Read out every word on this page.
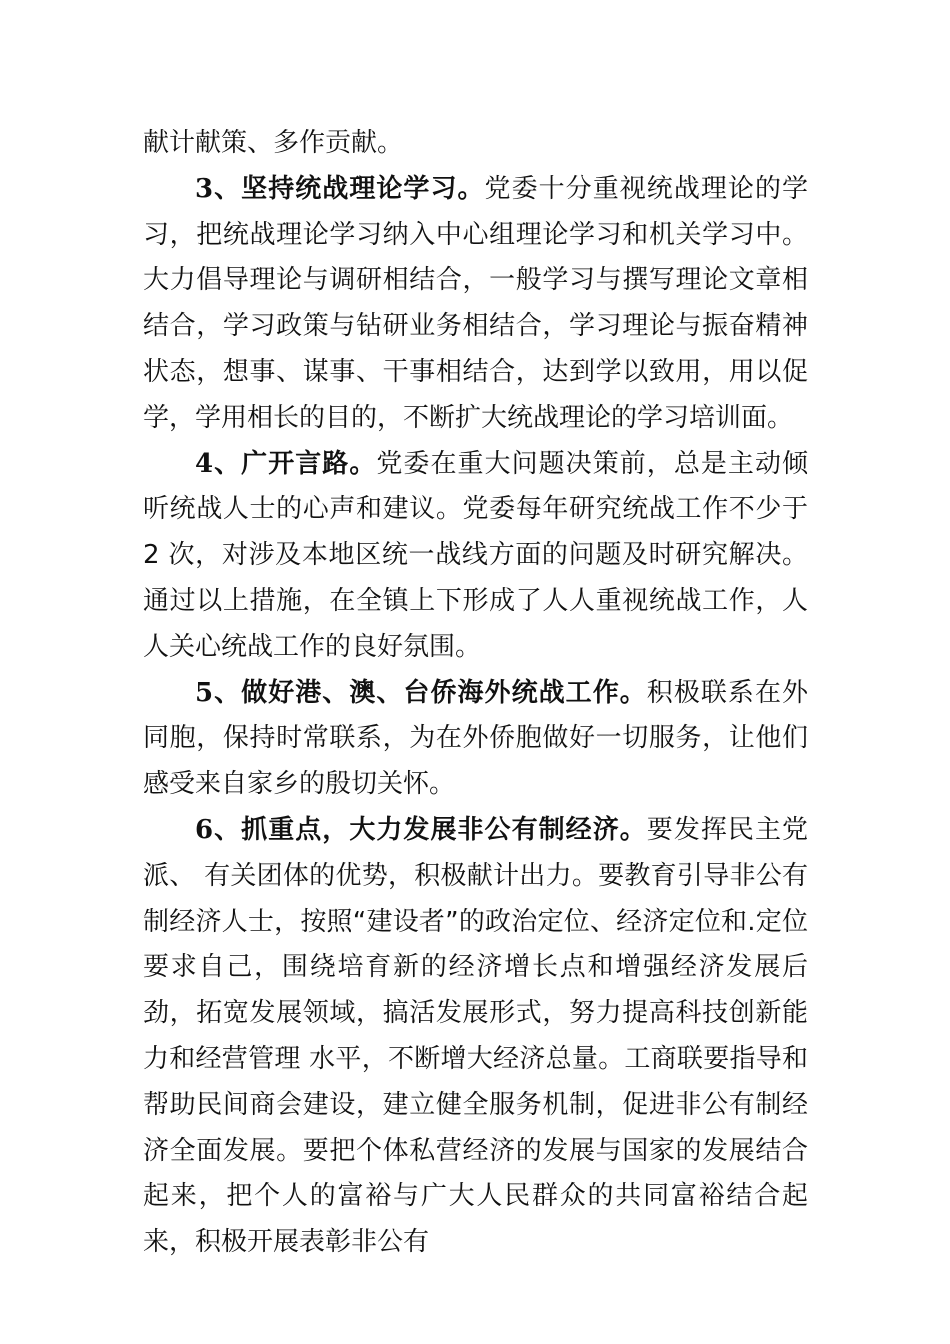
献计献策、多作贡献。

3、坚持统战理论学习。党委十分重视统战理论的学习，把统战理论学习纳入中心组理论学习和机关学习中。大力倡导理论与调研相结合，一般学习与撰写理论文章相结合，学习政策与钻研业务相结合，学习理论与振奋精神状态，想事、谋事、干事相结合，达到学以致用，用以促学，学用相长的目的，不断扩大统战理论的学习培训面。

4、广开言路。党委在重大问题决策前，总是主动倾听统战人士的心声和建议。党委每年研究统战工作不少于 2 次，对涉及本地区统一战线方面的问题及时研究解决。通过以上措施，在全镇上下形成了人人重视统战工作，人人关心统战工作的良好氛围。

5、做好港、澳、台侨海外统战工作。积极联系在外同胞，保持时常联系，为在外侨胞做好一切服务，让他们感受来自家乡的殷切关怀。

6、抓重点，大力发展非公有制经济。要发挥民主党派、 有关团体的优势，积极献计出力。要教育引导非公有制经济人士，按照“建设者”的政治定位、经济定位和.定位要求自己，围绕培育新的经济增长点和增强经济发展后劲，拓宽发展领域，搞活发展形式，努力提高科技创新能力和经营管理 水平，不断增大经济总量。工商联要指导和帮助民间商会建设，建立健全服务机制，促进非公有制经济全面发展。要把个体私营经济的发展与国家的发展结合起来，把个人的富裕与广大人民群众的共同富裕结合起来，积极开展表彰非公有
